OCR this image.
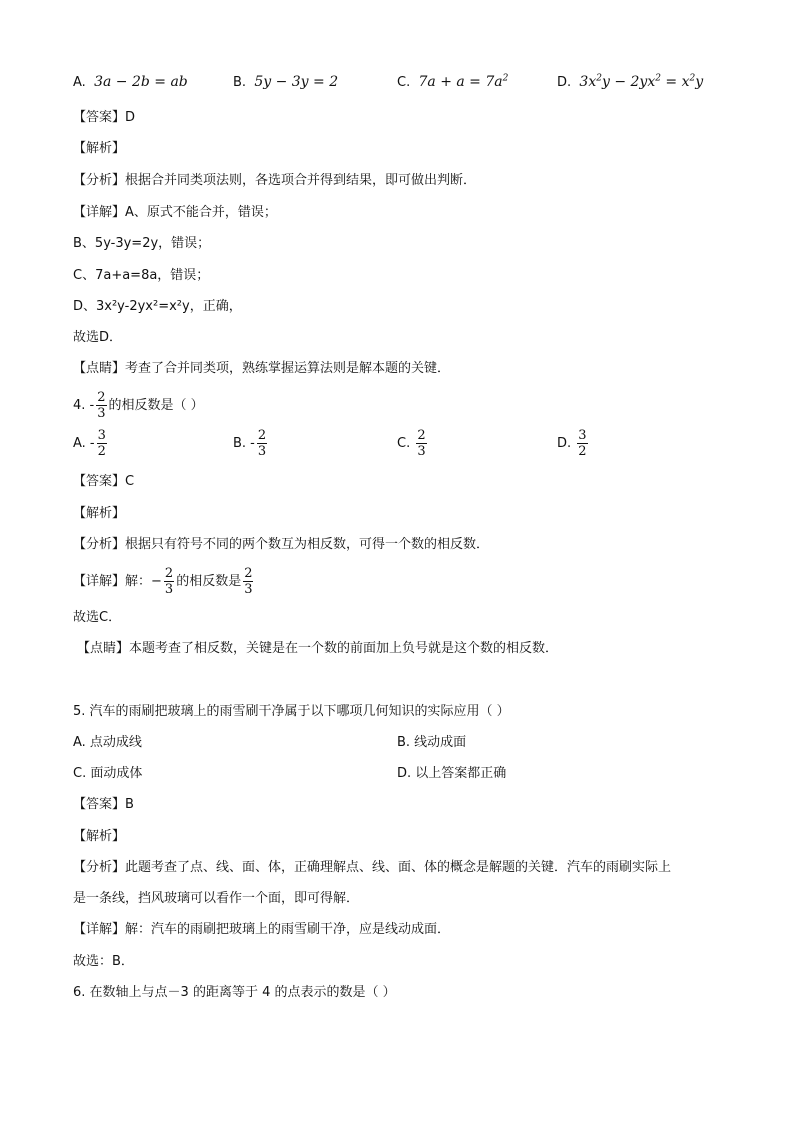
A. 3a − 2b = ab	B. 5y − 3y = 2	C. $7a + a = 7a^2$	D. $3x^2y - 2yx^2 = x^2y$
【答案】D
【解析】
【分析】根据合并同类项法则，各选项合并得到结果，即可做出判断．
【详解】A、原式不能合并，错误；
B、5y-3y=2y，错误；
C、7a+a=8a，错误；
D、3x²y-2yx²=x²y，正确，
故选D．
【点睛】考查了合并同类项，熟练掌握运算法则是解本题的关键．
4. - $\frac{2}{3}$ 的相反数是（ ）
A. - $\frac{3}{2}$	B. - $\frac{2}{3}$	C. $\frac{2}{3}$	D. $\frac{3}{2}$
【答案】C
【解析】
【分析】根据只有符号不同的两个数互为相反数，可得一个数的相反数．
【详解】解：− $\frac{2}{3}$ 的相反数是 $\frac{2}{3}$
故选C．
【点睛】本题考查了相反数，关键是在一个数的前面加上负号就是这个数的相反数．
5. 汽车的雨刷把玻璃上的雨雪刷干净属于以下哪项几何知识的实际应用（ ）
A. 点动成线	B. 线动成面
C. 面动成体	D. 以上答案都正确
【答案】B
【解析】
【分析】此题考查了点、线、面、体，正确理解点、线、面、体的概念是解题的关键．汽车的雨刷实际上
是一条线，挡风玻璃可以看作一个面，即可得解．
【详解】解：汽车的雨刷把玻璃上的雨雪刷干净，应是线动成面．
故选：B．
6. 在数轴上与点－3 的距离等于 4 的点表示的数是（ ）
